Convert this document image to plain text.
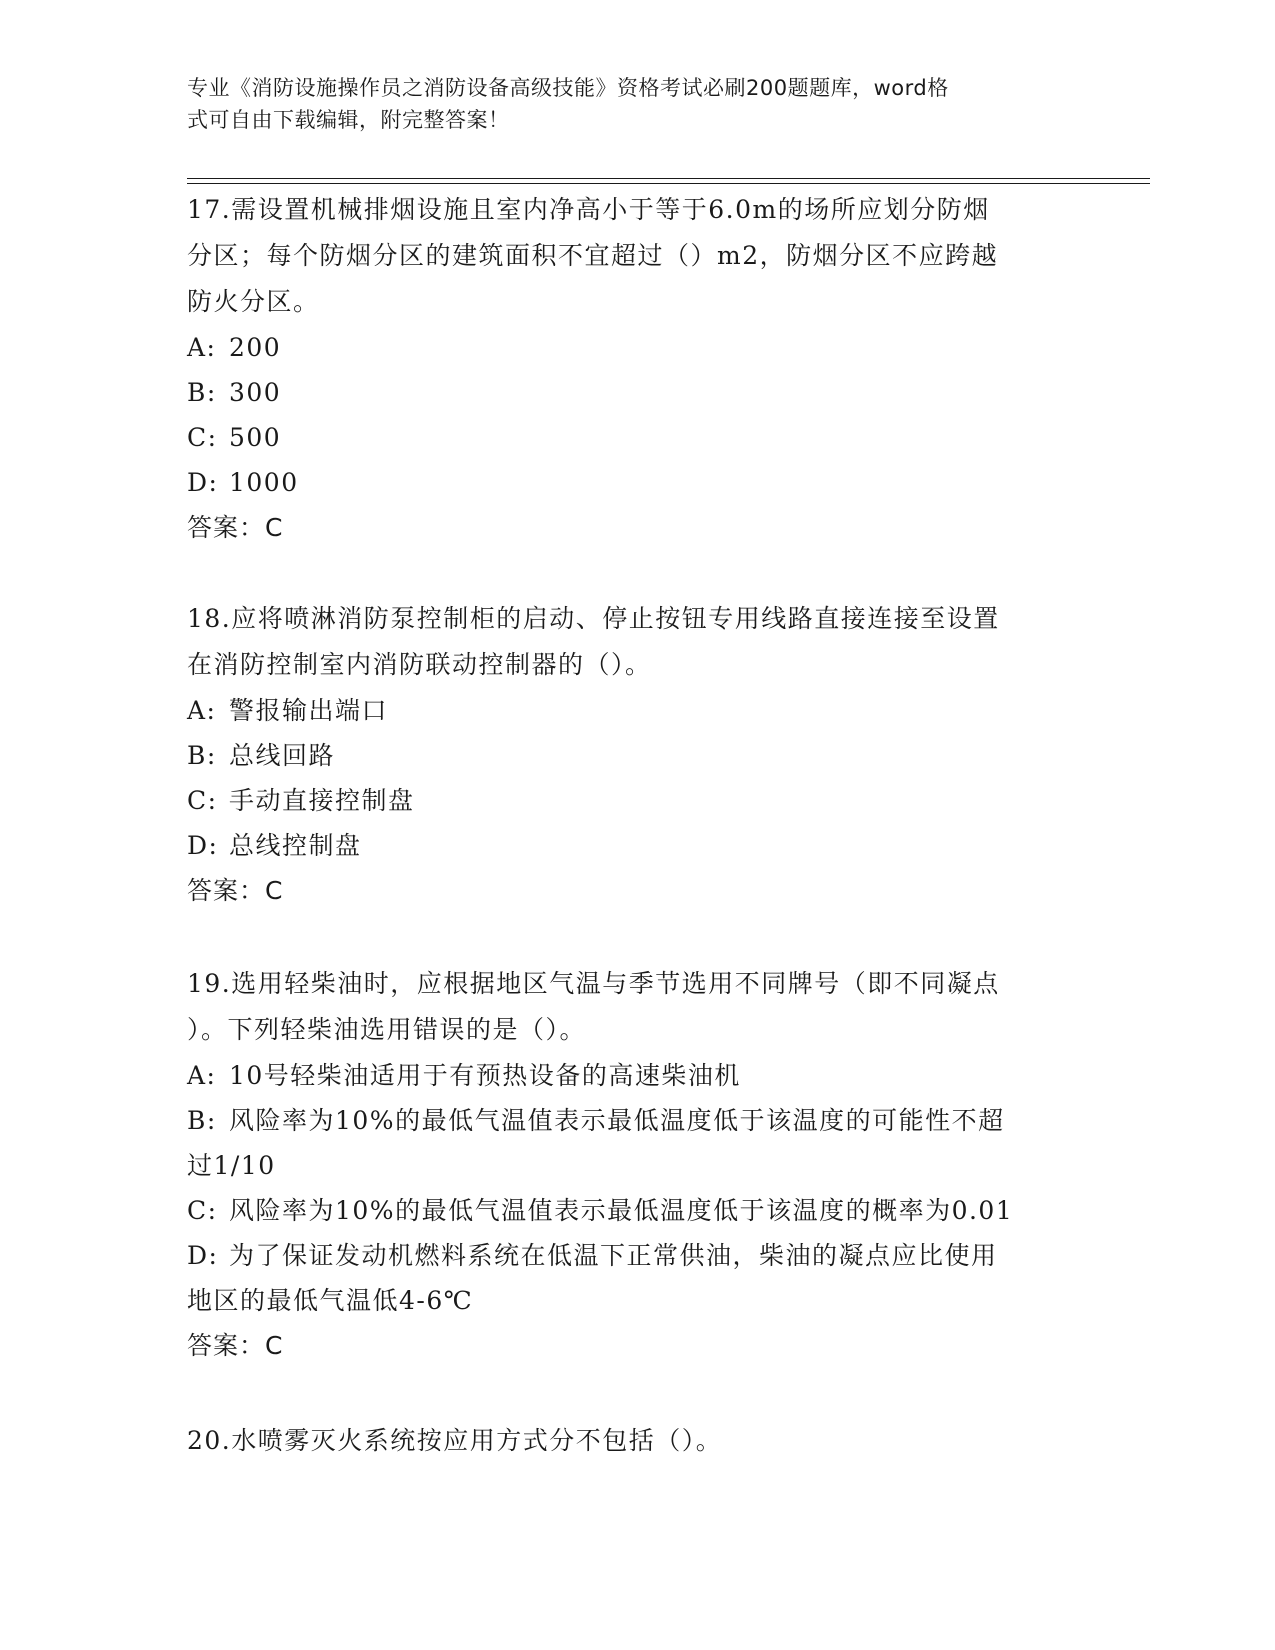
专业《消防设施操作员之消防设备高级技能》资格考试必刷200题题库，word格
式可自由下载编辑，附完整答案！
17.需设置机械排烟设施且室内净高小于等于6.0m的场所应划分防烟
分区；每个防烟分区的建筑面积不宜超过（）m2，防烟分区不应跨越
防火分区。
A: 200
B: 300
C: 500
D: 1000
答案：C
18.应将喷淋消防泵控制柜的启动、停止按钮专用线路直接连接至设置
在消防控制室内消防联动控制器的（）。
A: 警报输出端口
B: 总线回路
C: 手动直接控制盘
D: 总线控制盘
答案：C
19.选用轻柴油时，应根据地区气温与季节选用不同牌号（即不同凝点
）。下列轻柴油选用错误的是（）。
A: 10号轻柴油适用于有预热设备的高速柴油机
B: 风险率为10%的最低气温值表示最低温度低于该温度的可能性不超
过1/10
C: 风险率为10%的最低气温值表示最低温度低于该温度的概率为0.01
D: 为了保证发动机燃料系统在低温下正常供油，柴油的凝点应比使用
地区的最低气温低4-6℃
答案：C
20.水喷雾灭火系统按应用方式分不包括（）。
